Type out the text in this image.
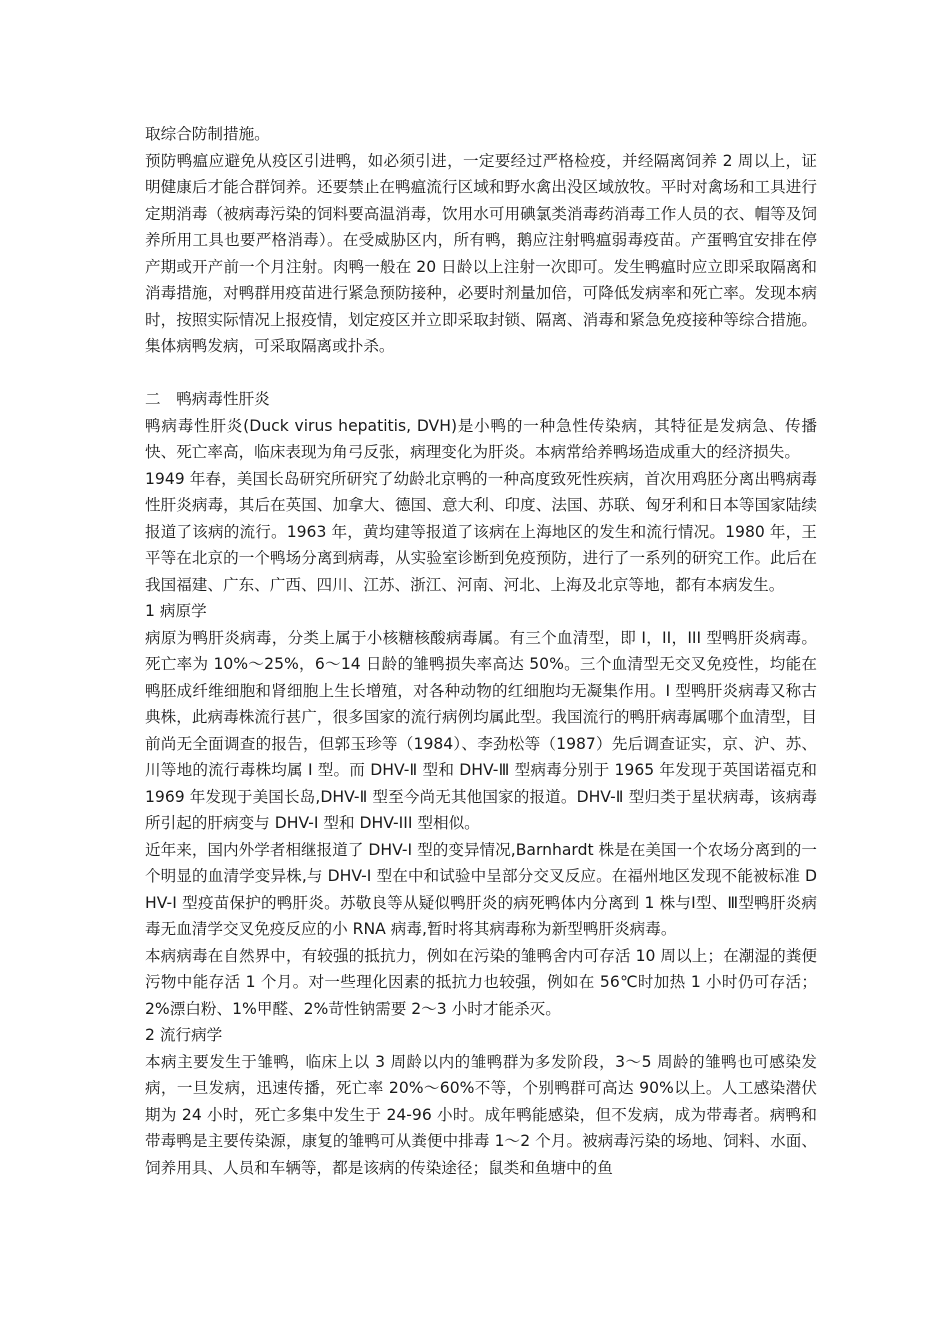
取综合防制措施。

预防鸭瘟应避免从疫区引进鸭，如必须引进，一定要经过严格检疫，并经隔离饲养 2 周以上，证明健康后才能合群饲养。还要禁止在鸭瘟流行区域和野水禽出没区域放牧。平时对禽场和工具进行定期消毒（被病毒污染的饲料要高温消毒，饮用水可用碘氯类消毒药消毒工作人员的衣、帽等及饲养所用工具也要严格消毒）。在受威胁区内，所有鸭，鹅应注射鸭瘟弱毒疫苗。产蛋鸭宜安排在停产期或开产前一个月注射。肉鸭一般在 20 日龄以上注射一次即可。发生鸭瘟时应立即采取隔离和消毒措施，对鸭群用疫苗进行紧急预防接种，必要时剂量加倍，可降低发病率和死亡率。发现本病时，按照实际情况上报疫情，划定疫区并立即采取封锁、隔离、消毒和紧急免疫接种等综合措施。集体病鸭发病，可采取隔离或扑杀。

二　鸭病毒性肝炎

鸭病毒性肝炎(Duck virus hepatitis, DVH)是小鸭的一种急性传染病，其特征是发病急、传播快、死亡率高，临床表现为角弓反张，病理变化为肝炎。本病常给养鸭场造成重大的经济损失。

1949 年春，美国长岛研究所研究了幼龄北京鸭的一种高度致死性疾病，首次用鸡胚分离出鸭病毒性肝炎病毒，其后在英国、加拿大、德国、意大利、印度、法国、苏联、匈牙利和日本等国家陆续报道了该病的流行。1963 年，黄均建等报道了该病在上海地区的发生和流行情况。1980 年，王平等在北京的一个鸭场分离到病毒，从实验室诊断到免疫预防，进行了一系列的研究工作。此后在我国福建、广东、广西、四川、江苏、浙江、河南、河北、上海及北京等地，都有本病发生。

1 病原学

病原为鸭肝炎病毒，分类上属于小核糖核酸病毒属。有三个血清型，即 I，II，III 型鸭肝炎病毒。死亡率为 10%～25%，6～14 日龄的雏鸭损失率高达 50%。三个血清型无交叉免疫性，均能在鸭胚成纤维细胞和肾细胞上生长增殖，对各种动物的红细胞均无凝集作用。I 型鸭肝炎病毒又称古典株，此病毒株流行甚广，很多国家的流行病例均属此型。我国流行的鸭肝病毒属哪个血清型，目前尚无全面调查的报告，但郭玉珍等（1984）、李劲松等（1987）先后调查证实，京、沪、苏、川等地的流行毒株均属 I 型。而 DHV-Ⅱ 型和 DHV-Ⅲ 型病毒分别于 1965 年发现于英国诺福克和 1969 年发现于美国长岛,DHV-Ⅱ 型至今尚无其他国家的报道。DHV-Ⅱ 型归类于星状病毒，该病毒所引起的肝病变与 DHV-I 型和 DHV-III 型相似。

近年来，国内外学者相继报道了 DHV-Ⅰ 型的变异情况,Barnhardt 株是在美国一个农场分离到的一个明显的血清学变异株,与 DHV-Ⅰ 型在中和试验中呈部分交叉反应。在福州地区发现不能被标准 DHV-Ⅰ 型疫苗保护的鸭肝炎。苏敬良等从疑似鸭肝炎的病死鸭体内分离到 1 株与Ⅰ型、Ⅲ型鸭肝炎病毒无血清学交叉免疫反应的小 RNA 病毒,暂时将其病毒称为新型鸭肝炎病毒。

本病病毒在自然界中，有较强的抵抗力，例如在污染的雏鸭舍内可存活 10 周以上；在潮湿的粪便污物中能存活 1 个月。对一些理化因素的抵抗力也较强，例如在 56℃时加热 1 小时仍可存活；2%漂白粉、1%甲醛、2%苛性钠需要 2～3 小时才能杀灭。

2 流行病学

本病主要发生于雏鸭，临床上以 3 周龄以内的雏鸭群为多发阶段，3～5 周龄的雏鸭也可感染发病，一旦发病，迅速传播，死亡率 20%～60%不等，个别鸭群可高达 90%以上。人工感染潜伏期为 24 小时，死亡多集中发生于 24-96 小时。成年鸭能感染，但不发病，成为带毒者。病鸭和带毒鸭是主要传染源，康复的雏鸭可从粪便中排毒 1～2 个月。被病毒污染的场地、饲料、水面、饲养用具、人员和车辆等，都是该病的传染途径；鼠类和鱼塘中的鱼
